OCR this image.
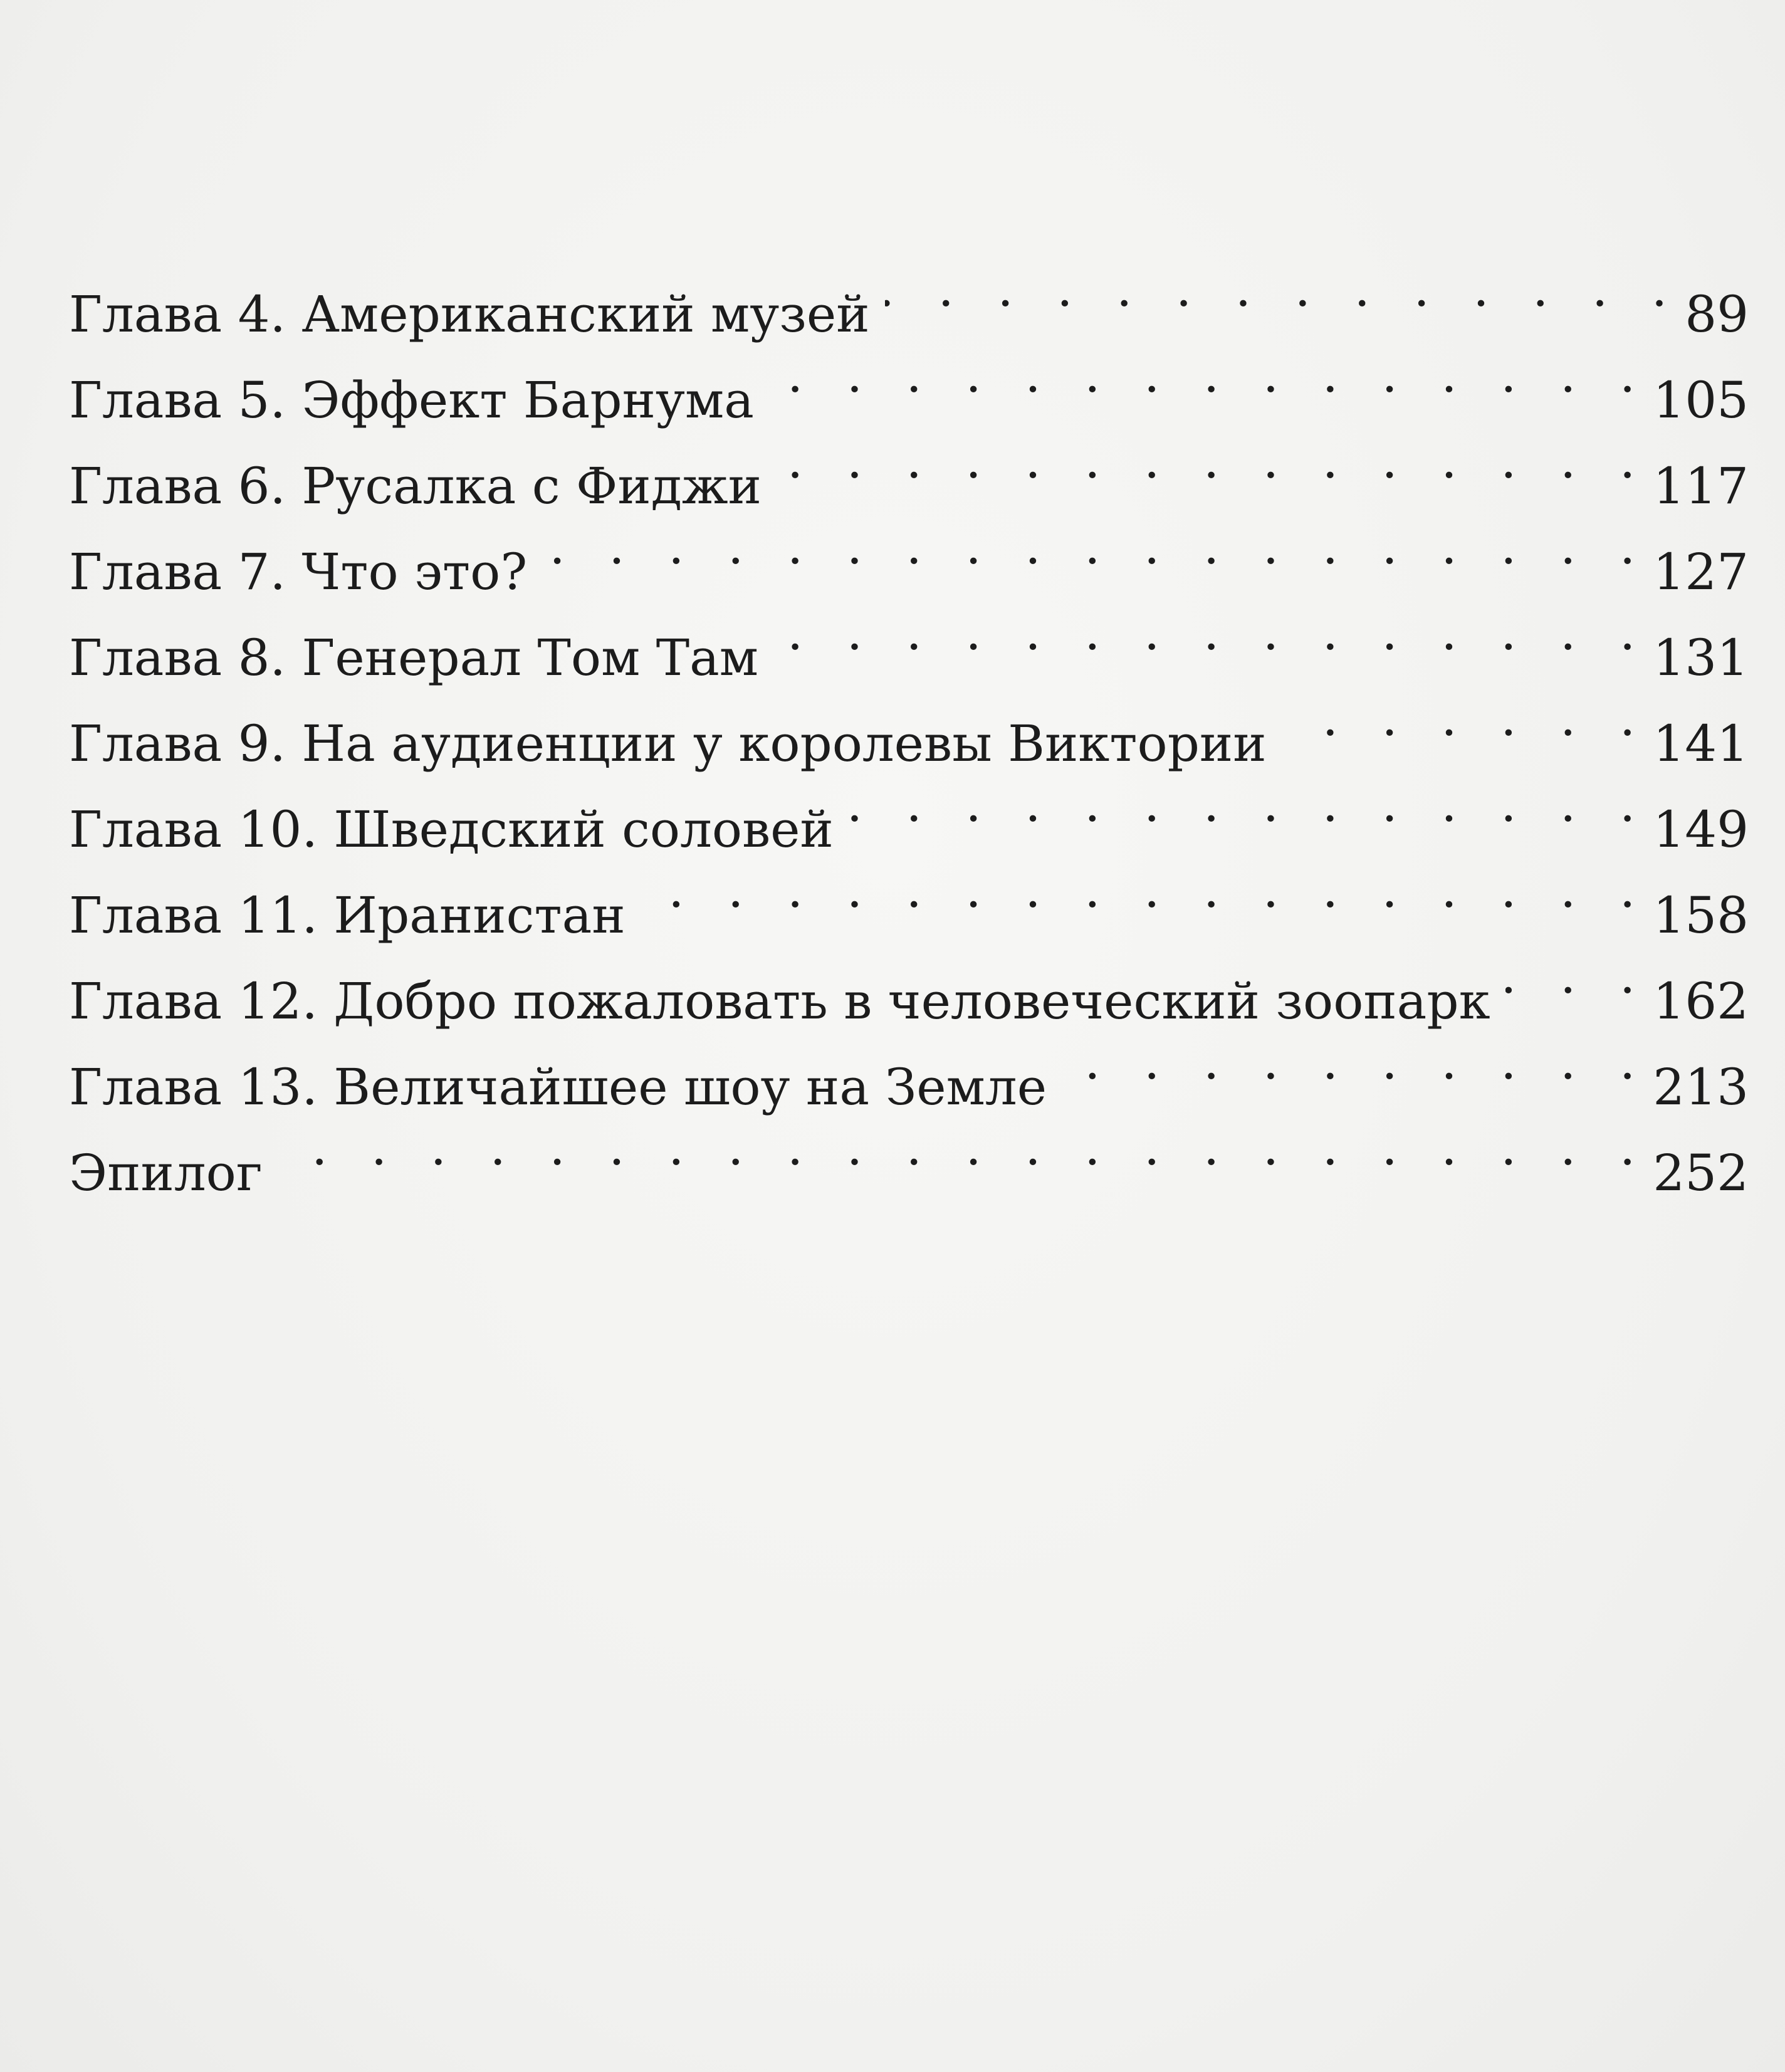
Глава 4. Американский музей . . .	89
Глава 5. Эффект Барнума . . .	105
Глава 6. Русалка с Фиджи . . .	117
Глава 7. Что это? . . .	127
Глава 8. Генерал Том Там . . .	131
Глава 9. На аудиенции у королевы Виктории . . .	141
Глава 10. Шведский соловей . . .	149
Глава 11. Иранистан . . .	158
Глава 12. Добро пожаловать в человеческий зоопарк . . .	162
Глава 13. Величайшее шоу на Земле . . .	213
Эпилог . . .	252
